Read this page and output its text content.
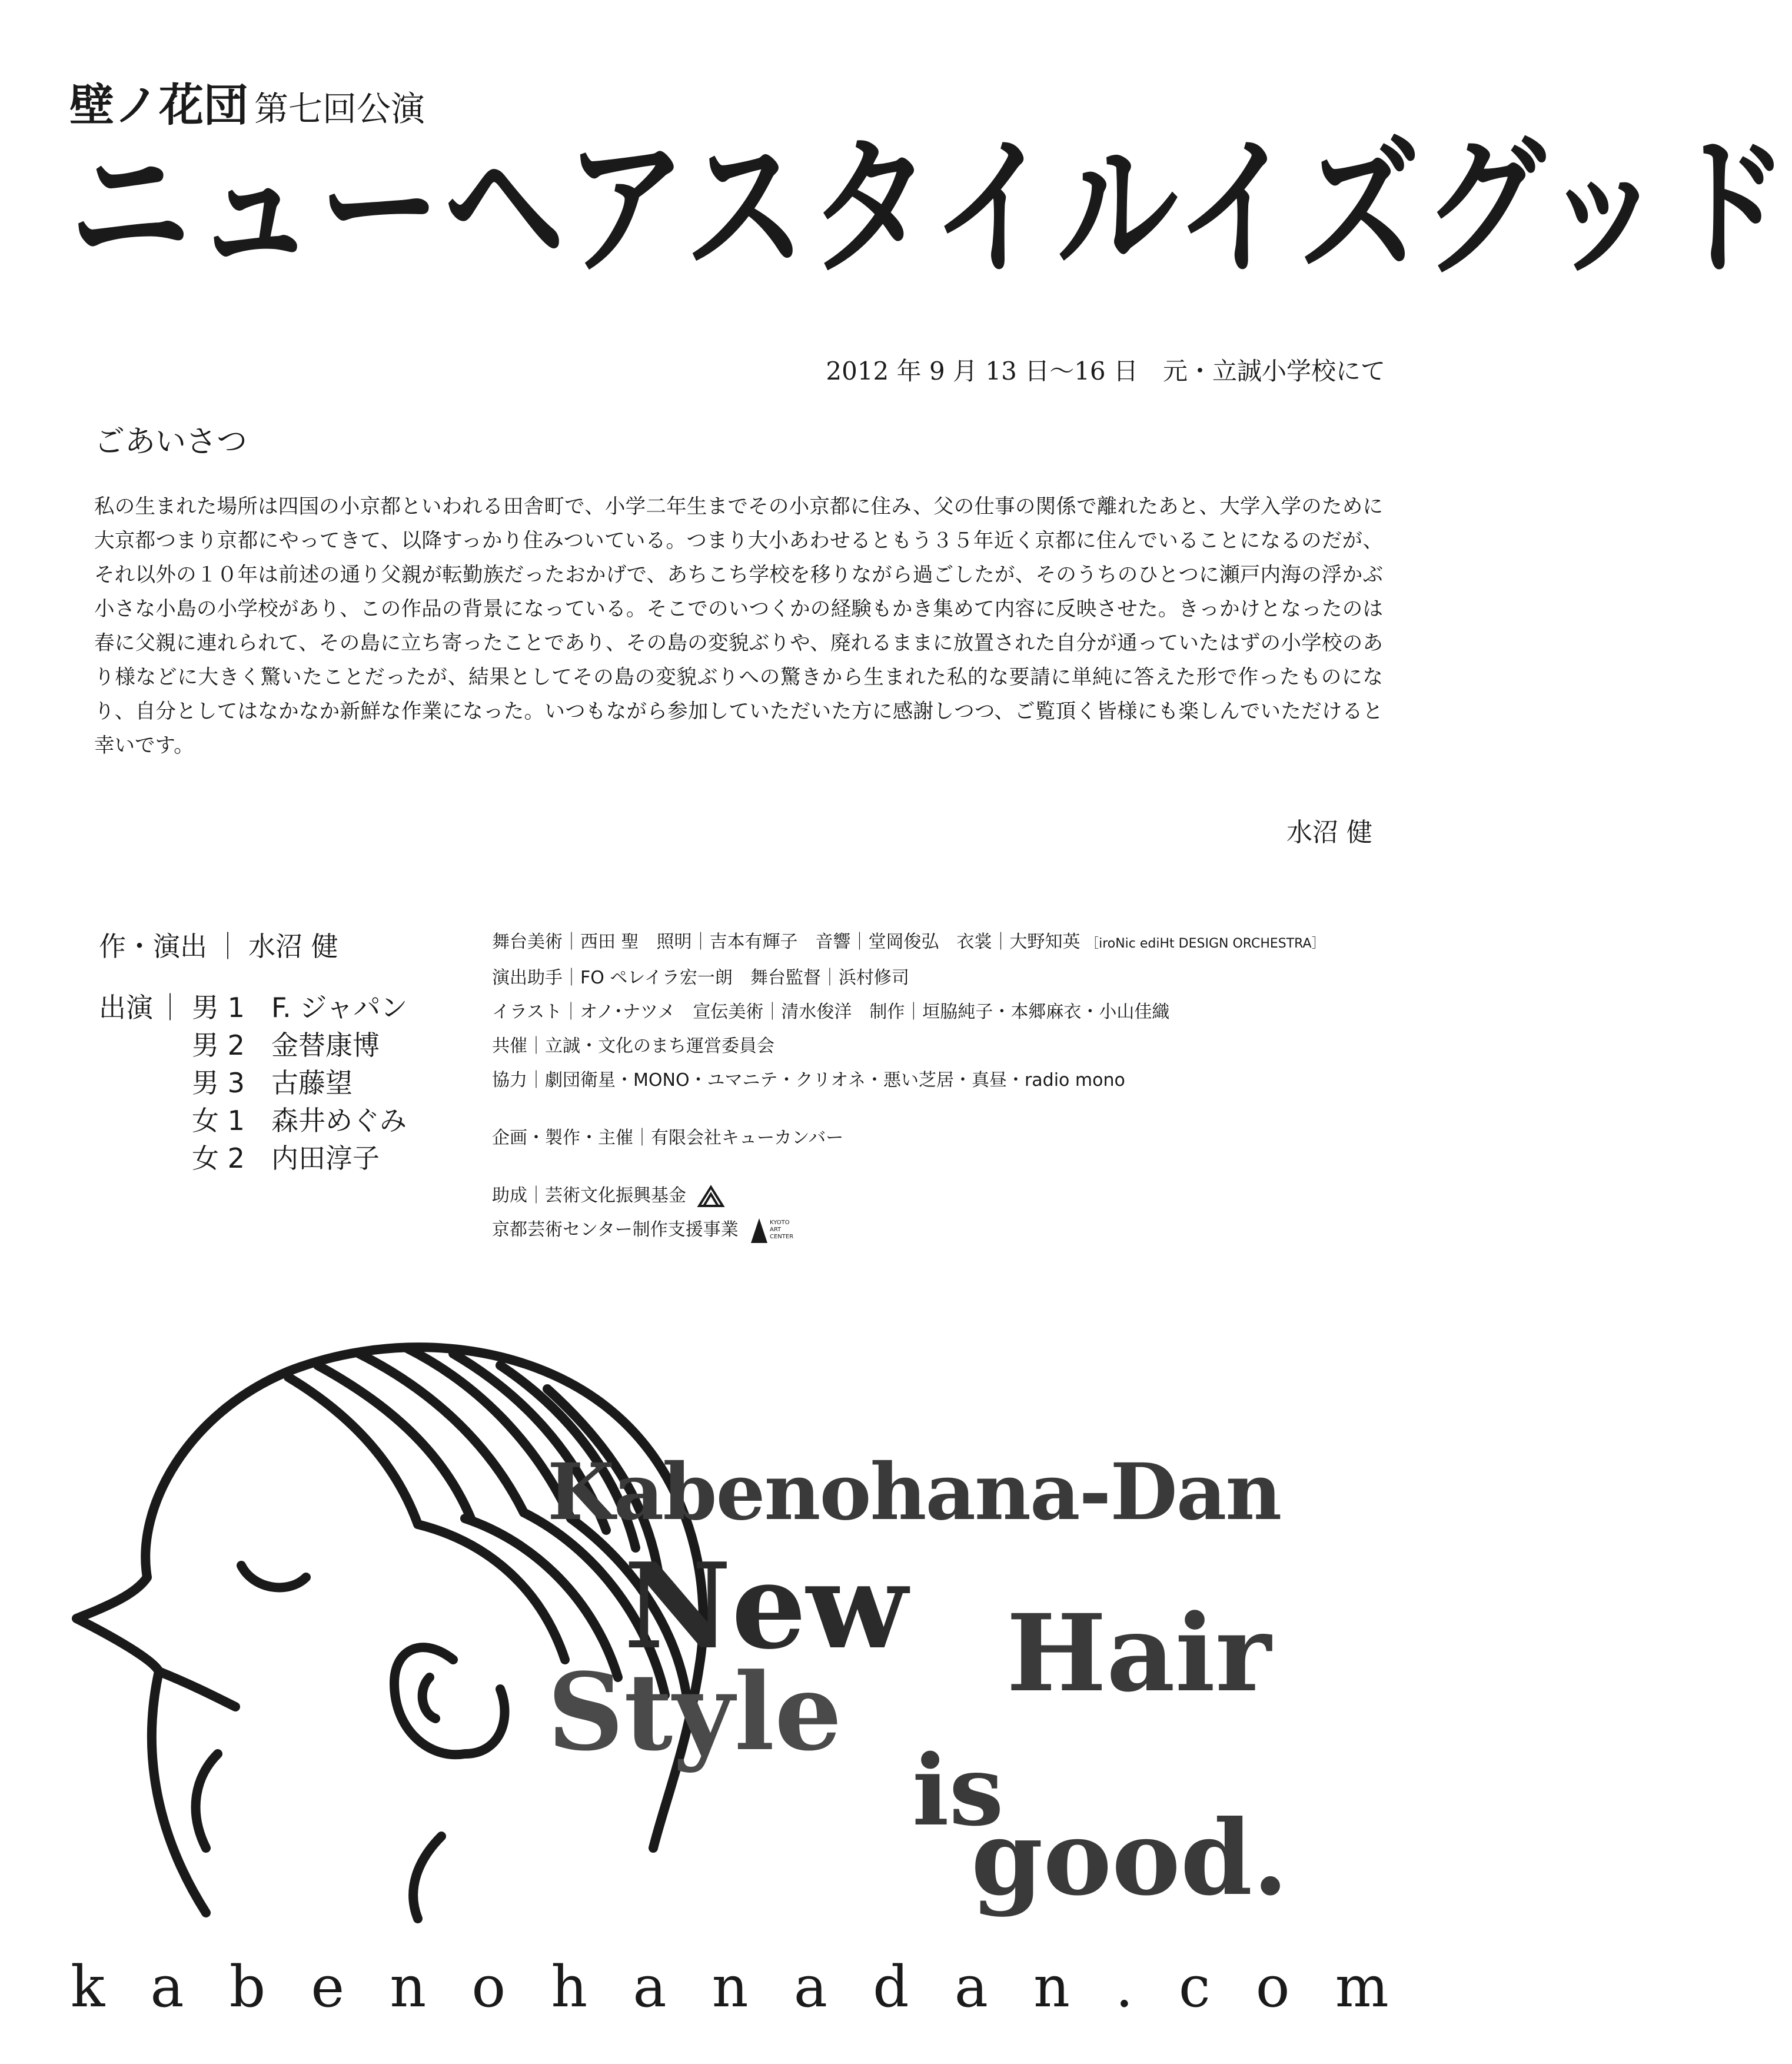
壁ノ花団 第七回公演
ニューヘアスタイルイズグッド
2012 年 9 月 13 日〜16 日　元・立誠小学校にて
ごあいさつ
私の生まれた場所は四国の小京都といわれる田舎町で、小学二年生までその小京都に住み、父の仕事の関係で離れたあと、大学入学のために大京都つまり京都にやってきて、以降すっかり住みついている。つまり大小あわせるともう３５年近く京都に住んでいることになるのだが、それ以外の１０年は前述の通り父親が転勤族だったおかげで、あちこち学校を移りながら過ごしたが、そのうちのひとつに瀬戸内海の浮かぶ小さな小島の小学校があり、この作品の背景になっている。そこでのいつくかの経験もかき集めて内容に反映させた。きっかけとなったのは春に父親に連れられて、その島に立ち寄ったことであり、その島の変貌ぶりや、廃れるままに放置された自分が通っていたはずの小学校のあり様などに大きく驚いたことだったが、結果としてその島の変貌ぶりへの驚きから生まれた私的な要請に単純に答えた形で作ったものになり、自分としてはなかなか新鮮な作業になった。いつもながら参加していただいた方に感謝しつつ、ご覧頂く皆様にも楽しんでいただけると幸いです。
水沼 健
作・演出 ｜ 水沼 健
出演 ｜ 男 1 F. ジャパン
男 2 金替康博
男 3 古藤望
女 1 森井めぐみ
女 2 内田淳子
舞台美術｜西田 聖　照明｜吉本有輝子　音響｜堂岡俊弘　衣裳｜大野知英 ［iroNic ediHt DESIGN ORCHESTRA］
演出助手｜FO ペレイラ宏一朗　舞台監督｜浜村修司
イラスト｜オノ･ナツメ　宣伝美術｜清水俊洋　制作｜垣脇純子・本郷麻衣・小山佳織
共催｜立誠・文化のまち運営委員会
協力｜劇団衛星・MONO・ユマニテ・クリオネ・悪い芝居・真昼・radio mono
企画・製作・主催｜有限会社キューカンバー
助成｜芸術文化振興基金
京都芸術センター制作支援事業	KYOTO
ART
CENTER
Kabenohana-Dan
New Hair
Style
is
good.
k a b e n o h a n a d a n . c o m
